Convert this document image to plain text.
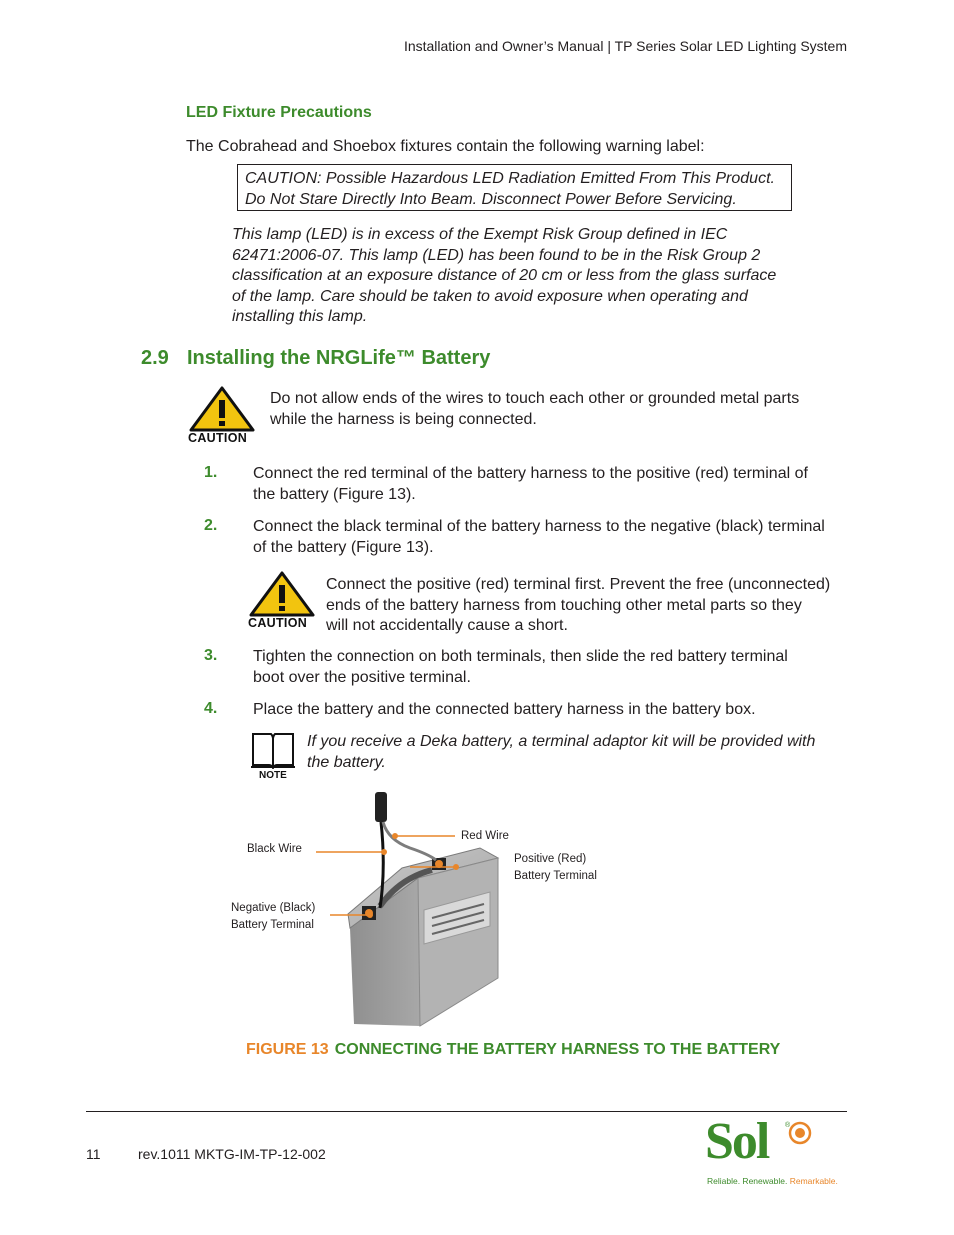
Installation and Owner’s Manual | TP Series Solar LED Lighting System
LED Fixture Precautions
The Cobrahead and Shoebox fixtures contain the following warning label:
CAUTION: Possible Hazardous LED Radiation Emitted From This Product.
Do Not Stare Directly Into Beam. Disconnect Power Before Servicing.
This lamp (LED) is in excess of the Exempt Risk Group defined in IEC
62471:2006-07. This lamp (LED) has been found to be in the Risk Group 2
classification at an exposure distance of 20 cm or less from the glass surface
of the lamp. Care should be taken to avoid exposure when operating and
installing this lamp.
2.9 Installing the NRGLife™ Battery
CAUTION
Do not allow ends of the wires to touch each other or grounded metal parts
while the harness is being connected.
1. Connect the red terminal of the battery harness to the positive (red) terminal of
the battery (Figure 13).
2. Connect the black terminal of the battery harness to the negative (black) terminal
of the battery (Figure 13).
CAUTION
Connect the positive (red) terminal first. Prevent the free (unconnected)
ends of the battery harness from touching other metal parts so they
will not accidentally cause a short.
3. Tighten the connection on both terminals, then slide the red battery terminal
boot over the positive terminal.
4. Place the battery and the connected battery harness in the battery box.
NOTE
If you receive a Deka battery, a terminal adaptor kit will be provided with
the battery.
Red Wire
Black Wire
Positive (Red)
Battery Terminal
Negative (Black)
Battery Terminal
FIGURE 13 CONNECTING THE BATTERY HARNESS TO THE BATTERY
11	rev.1011 MKTG-IM-TP-12-002	Sol ®
Reliable. Renewable. Remarkable.
